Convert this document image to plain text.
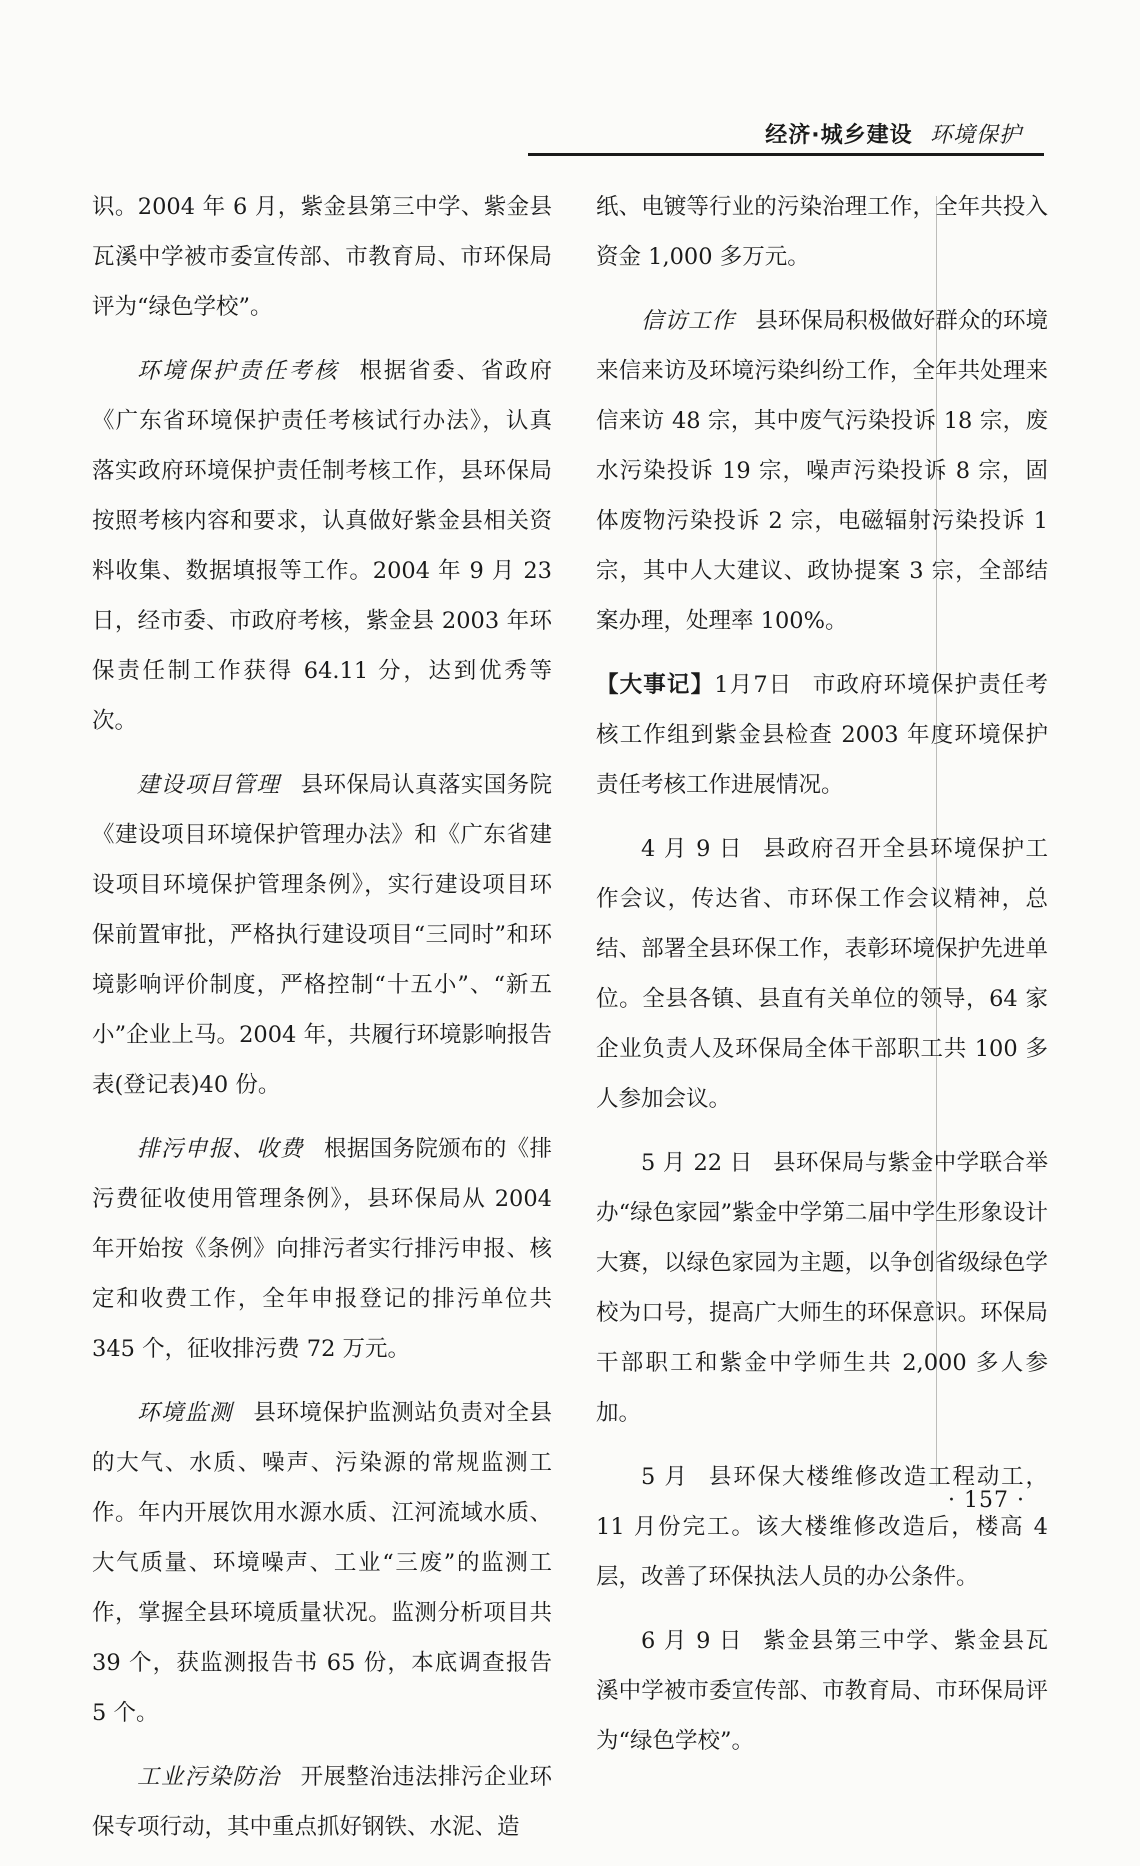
经济·城乡建设 环境保护

识。2004 年 6 月，紫金县第三中学、紫金县瓦溪中学被市委宣传部、市教育局、市环保局评为“绿色学校”。

环境保护责任考核 根据省委、省政府《广东省环境保护责任考核试行办法》，认真落实政府环境保护责任制考核工作，县环保局按照考核内容和要求，认真做好紫金县相关资料收集、数据填报等工作。2004 年 9 月 23 日，经市委、市政府考核，紫金县 2003 年环保责任制工作获得 64.11 分，达到优秀等次。

建设项目管理 县环保局认真落实国务院《建设项目环境保护管理办法》和《广东省建设项目环境保护管理条例》，实行建设项目环保前置审批，严格执行建设项目“三同时”和环境影响评价制度，严格控制“十五小”、“新五小”企业上马。2004 年，共履行环境影响报告表(登记表)40 份。

排污申报、收费 根据国务院颁布的《排污费征收使用管理条例》，县环保局从 2004 年开始按《条例》向排污者实行排污申报、核定和收费工作，全年申报登记的排污单位共 345 个，征收排污费 72 万元。

环境监测 县环境保护监测站负责对全县的大气、水质、噪声、污染源的常规监测工作。年内开展饮用水源水质、江河流域水质、大气质量、环境噪声、工业“三废”的监测工作，掌握全县环境质量状况。监测分析项目共 39 个，获监测报告书 65 份，本底调查报告 5 个。

工业污染防治 开展整治违法排污企业环保专项行动，其中重点抓好钢铁、水泥、造

纸、电镀等行业的污染治理工作，全年共投入资金 1,000 多万元。

信访工作 县环保局积极做好群众的环境来信来访及环境污染纠纷工作，全年共处理来信来访 48 宗，其中废气污染投诉 18 宗，废水污染投诉 19 宗，噪声污染投诉 8 宗，固体废物污染投诉 2 宗，电磁辐射污染投诉 1 宗，其中人大建议、政协提案 3 宗，全部结案办理，处理率 100%。

【大事记】1月7日 市政府环境保护责任考核工作组到紫金县检查 2003 年度环境保护责任考核工作进展情况。

4 月 9 日 县政府召开全县环境保护工作会议，传达省、市环保工作会议精神，总结、部署全县环保工作，表彰环境保护先进单位。全县各镇、县直有关单位的领导，64 家企业负责人及环保局全体干部职工共 100 多人参加会议。

5 月 22 日 县环保局与紫金中学联合举办“绿色家园”紫金中学第二届中学生形象设计大赛，以绿色家园为主题，以争创省级绿色学校为口号，提高广大师生的环保意识。环保局干部职工和紫金中学师生共 2,000 多人参加。

5 月 县环保大楼维修改造工程动工，11 月份完工。该大楼维修改造后，楼高 4 层，改善了环保执法人员的办公条件。

6 月 9 日 紫金县第三中学、紫金县瓦溪中学被市委宣传部、市教育局、市环保局评为“绿色学校”。

· 157 ·
